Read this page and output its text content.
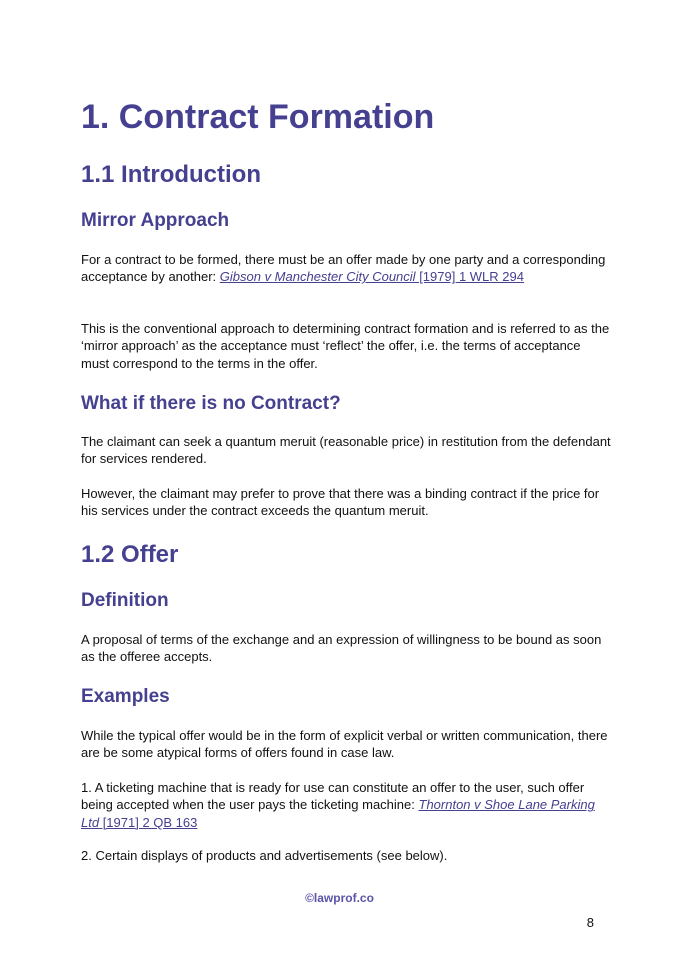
1. Contract Formation
1.1 Introduction
Mirror Approach

For a contract to be formed, there must be an offer made by one party and a corresponding acceptance by another: Gibson v Manchester City Council [1979] 1 WLR 294

This is the conventional approach to determining contract formation and is referred to as the ‘mirror approach’ as the acceptance must ‘reflect’ the offer, i.e. the terms of acceptance must correspond to the terms in the offer.

What if there is no Contract?

The claimant can seek a quantum meruit (reasonable price) in restitution from the defendant for services rendered.

However, the claimant may prefer to prove that there was a binding contract if the price for his services under the contract exceeds the quantum meruit.

1.2 Offer
Definition

A proposal of terms of the exchange and an expression of willingness to be bound as soon as the offeree accepts.

Examples

While the typical offer would be in the form of explicit verbal or written communication, there are be some atypical forms of offers found in case law.

1. A ticketing machine that is ready for use can constitute an offer to the user, such offer being accepted when the user pays the ticketing machine: Thornton v Shoe Lane Parking Ltd [1971] 2 QB 163

2. Certain displays of products and advertisements (see below).

©lawprof.co
8
